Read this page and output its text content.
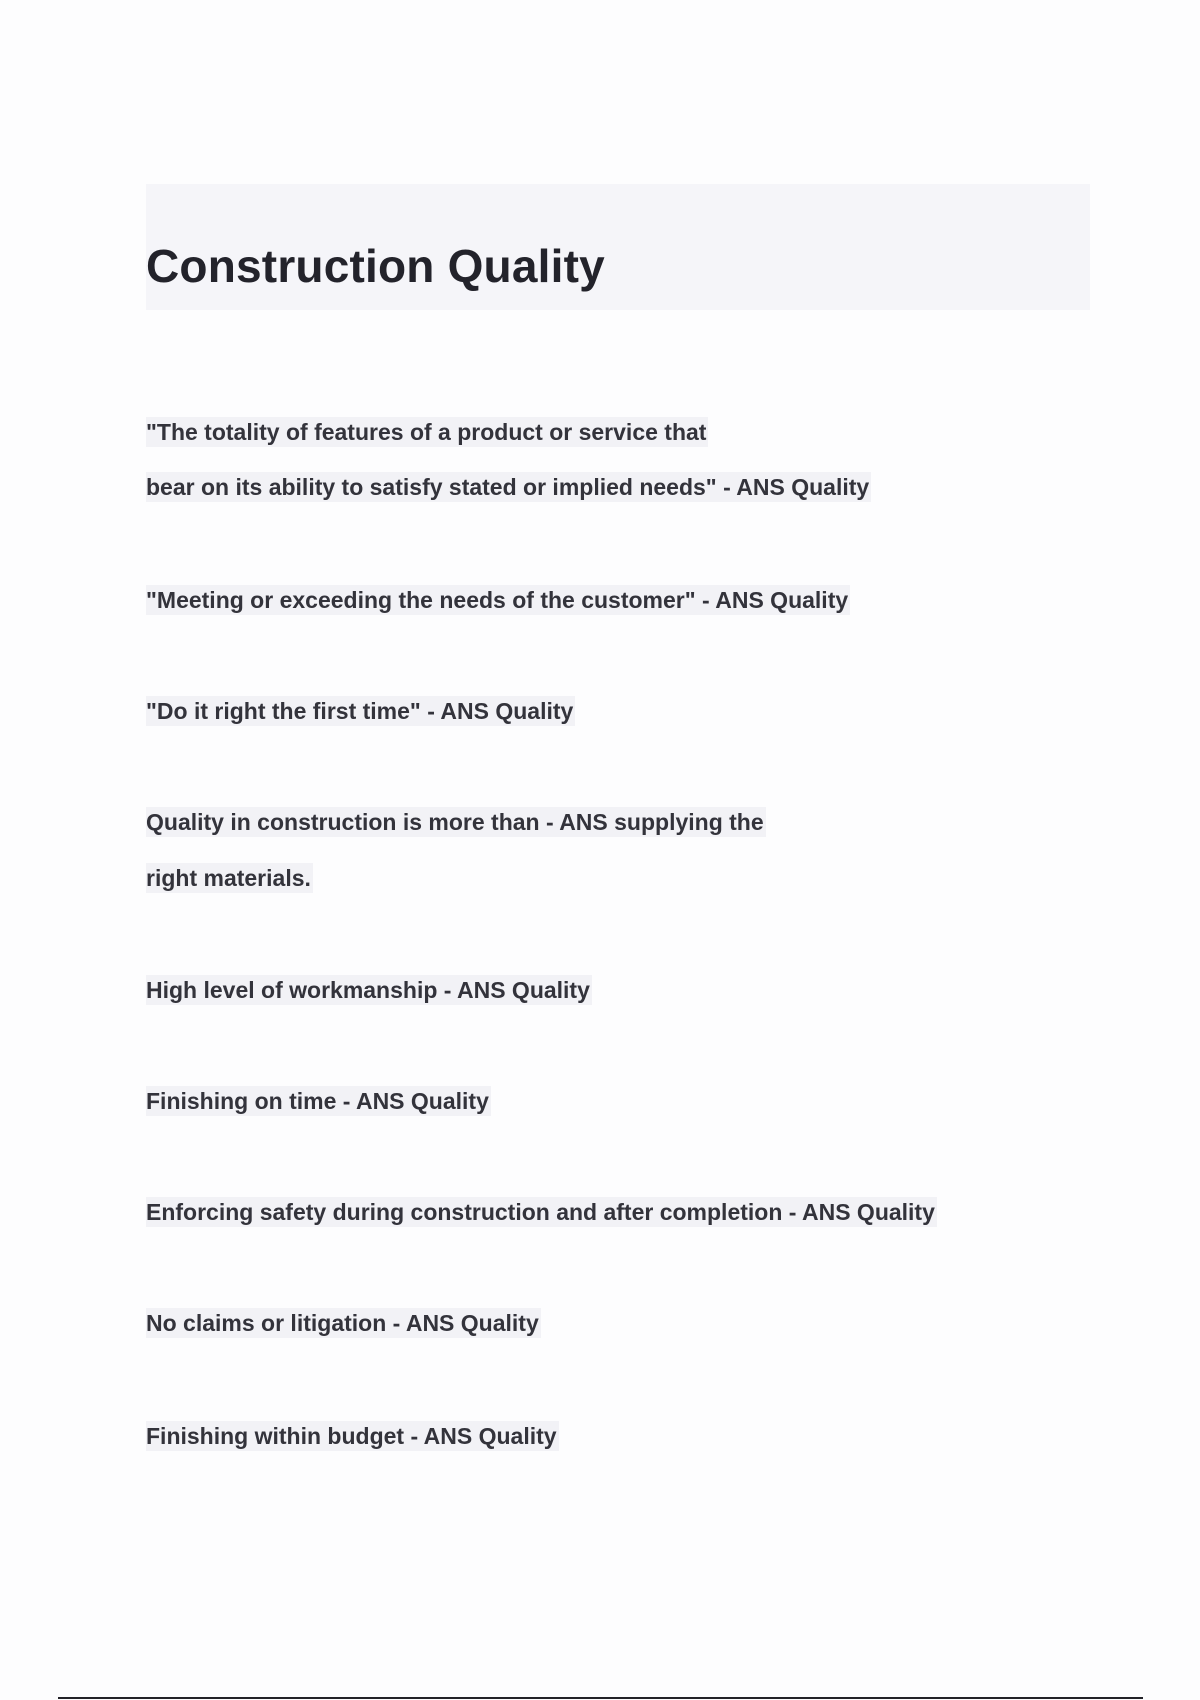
Construction Quality

"The totality of features of a product or service that

bear on its ability to satisfy stated or implied needs" - ANS Quality

"Meeting or exceeding the needs of the customer" - ANS Quality

"Do it right the first time" - ANS Quality

Quality in construction is more than - ANS supplying the

right materials.

High level of workmanship - ANS Quality

Finishing on time - ANS Quality

Enforcing safety during construction and after completion - ANS Quality

No claims or litigation - ANS Quality

Finishing within budget - ANS Quality
